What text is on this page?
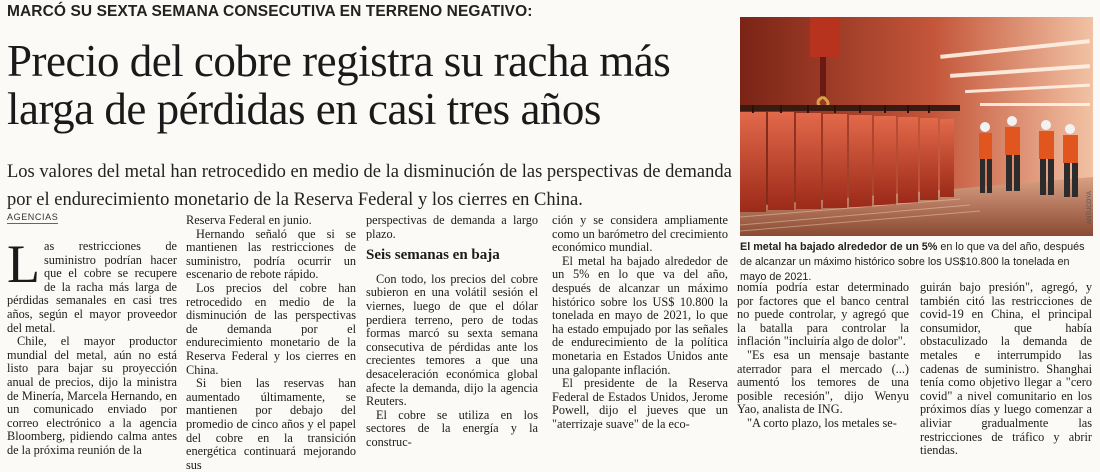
MARCÓ SU SEXTA SEMANA CONSECUTIVA EN TERRENO NEGATIVO:
Precio del cobre registra su racha más larga de pérdidas en casi tres años
Los valores del metal han retrocedido en medio de la disminución de las perspectivas de demanda por el endurecimiento monetario de la Reserva Federal y los cierres en China.
AGENCIAS

Las restricciones de suministro podrían hacer que el cobre se recupere de la racha más larga de pérdidas semanales en casi tres años, según el mayor proveedor del metal.

Chile, el mayor productor mundial del metal, aún no está listo para bajar su proyección anual de precios, dijo la ministra de Minería, Marcela Hernando, en un comunicado enviado por correo electrónico a la agencia Bloomberg, pidiendo calma antes de la próxima reunión de la

Reserva Federal en junio.

Hernando señaló que si se mantienen las restricciones de suministro, podría ocurrir un escenario de rebote rápido.

Los precios del cobre han retrocedido en medio de la disminución de las perspectivas de demanda por el endurecimiento monetario de la Reserva Federal y los cierres en China.

Si bien las reservas han aumentado últimamente, se mantienen por debajo del promedio de cinco años y el papel del cobre en la transición energética continuará mejorando sus

perspectivas de demanda a largo plazo.

Seis semanas en baja

Con todo, los precios del cobre subieron en una volátil sesión el viernes, luego de que el dólar perdiera terreno, pero de todas formas marcó su sexta semana consecutiva de pérdidas ante los crecientes temores a que una desaceleración económica global afecte la demanda, dijo la agencia Reuters.

El cobre se utiliza en los sectores de la energía y la construc-

ción y se considera ampliamente como un barómetro del crecimiento económico mundial.

El metal ha bajado alrededor de un 5% en lo que va del año, después de alcanzar un máximo histórico sobre los US$ 10.800 la tonelada en mayo de 2021, lo que ha estado empujado por las señales de endurecimiento de la política monetaria en Estados Unidos ante una galopante inflación.

El presidente de la Reserva Federal de Estados Unidos, Jerome Powell, dijo el jueves que un "aterrizaje suave" de la eco-

nomía podría estar determinado por factores que el banco central no puede controlar, y agregó que la batalla para controlar la inflación "incluiría algo de dolor".

"Es esa un mensaje bastante aterrador para el mercado (...) aumentó los temores de una posible recesión", dijo Wenyu Yao, analista de ING.

"A corto plazo, los metales se-

guirán bajo presión", agregó, y también citó las restricciones de covid-19 en China, el principal consumidor, que había obstaculizado la demanda de metales e interrumpido las cadenas de suministro. Shanghai tenía como objetivo llegar a "cero covid" a nivel comunitario en los próximos días y luego comenzar a aliviar gradualmente las restricciones de tráfico y abrir tiendas.

ANTUCOYA
El metal ha bajado alrededor de un 5% en lo que va del año, después de alcanzar un máximo histórico sobre los US$10.800 la tonelada en mayo de 2021.
